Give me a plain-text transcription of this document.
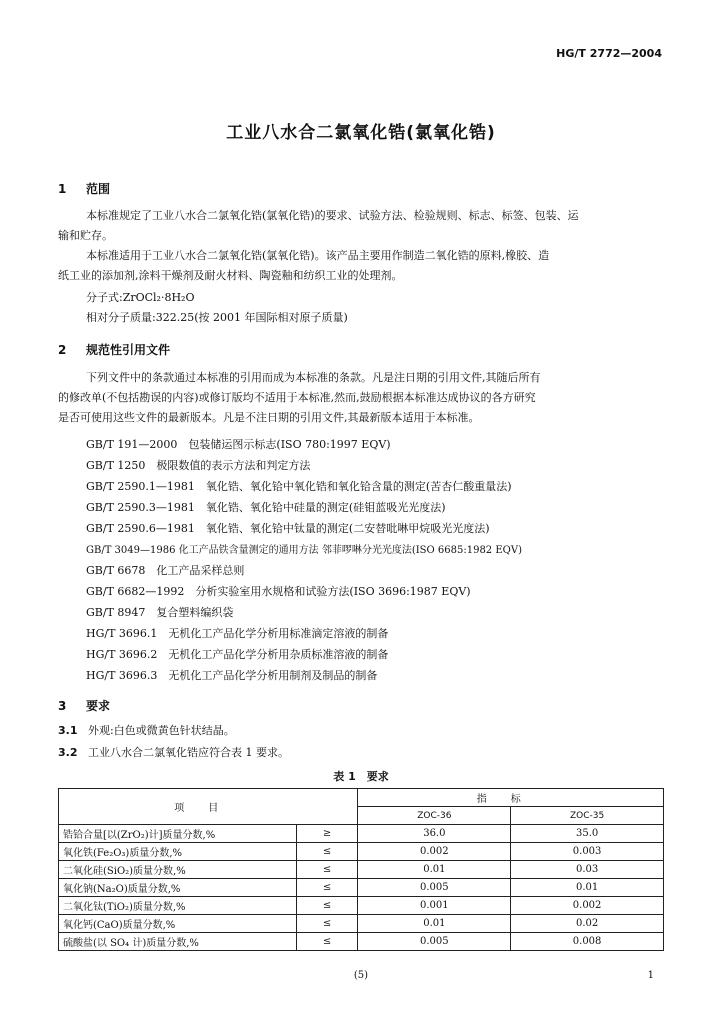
HG/T 2772—2004
工业八水合二氯氧化锆(氯氧化锆)
1 范围
本标准规定了工业八水合二氯氧化锆(氯氧化锆)的要求、试验方法、检验规则、标志、标签、包装、运
输和贮存。
本标准适用于工业八水合二氯氧化锆(氯氧化锆)。该产品主要用作制造二氧化锆的原料,橡胶、造
纸工业的添加剂,涂料干燥剂及耐火材料、陶瓷釉和纺织工业的处理剂。
分子式:ZrOCl₂·8H₂O
相对分子质量:322.25(按 2001 年国际相对原子质量)
2 规范性引用文件
下列文件中的条款通过本标准的引用而成为本标准的条款。凡是注日期的引用文件,其随后所有
的修改单(不包括勘误的内容)或修订版均不适用于本标准,然而,鼓励根据本标准达成协议的各方研究
是否可使用这些文件的最新版本。凡是不注日期的引用文件,其最新版本适用于本标准。
GB/T 191—2000　 包装储运图示标志(ISO 780:1997 EQV)
GB/T 1250　 极限数值的表示方法和判定方法
GB/T 2590.1—1981　 氧化锆、氧化铪中氧化锆和氧化铪含量的测定(苦杏仁酸重量法)
GB/T 2590.3—1981　 氧化锆、氧化铪中硅量的测定(硅钼蓝吸光光度法)
GB/T 2590.6—1981　 氧化锆、氧化铪中钛量的测定(二安替吡啉甲烷吸光光度法)
GB/T 3049—1986 化工产品铁含量测定的通用方法 邻菲啰啉分光光度法(ISO 6685:1982 EQV)
GB/T 6678　 化工产品采样总则
GB/T 6682—1992　 分析实验室用水规格和试验方法(ISO 3696:1987 EQV)
GB/T 8947　 复合塑料编织袋
HG/T 3696.1　 无机化工产品化学分析用标准滴定溶液的制备
HG/T 3696.2　 无机化工产品化学分析用杂质标准溶液的制备
HG/T 3696.3　 无机化工产品化学分析用制剂及制品的制备
3 要求
3.1 外观:白色或微黄色针状结晶。
3.2 工业八水合二氯氧化锆应符合表 1 要求。
表 1　要求
项目		指标	
		ZOC-36	ZOC-35
锆铪合量[以(ZrO₂)计]质量分数,%	≥	36.0	35.0
氧化铁(Fe₂O₃)质量分数,%	≤	0.002	0.003
二氧化硅(SiO₂)质量分数,%	≤	0.01	0.03
氧化钠(Na₂O)质量分数,%	≤	0.005	0.01
二氧化钛(TiO₂)质量分数,%	≤	0.001	0.002
氧化钙(CaO)质量分数,%	≤	0.01	0.02
硫酸盐(以 SO₄ 计)质量分数,%	≤	0.005	0.008
(5)	1
